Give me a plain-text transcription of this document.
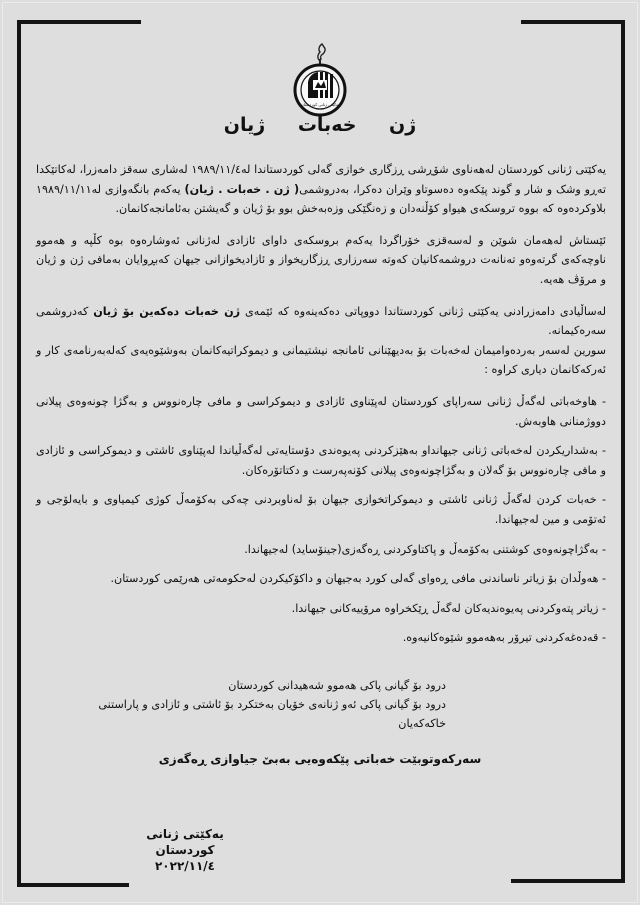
یەکێتی ژنانی کوردستان
ژن خەبات ژیان

یەکێتی ژنانی کوردستان لەهەناوی شۆڕشی ڕزگاری خوازی گەلی کوردستاندا لە١٩٨٩/١١/٤ لەشاری سەقز دامەزرا، لەکاتێکدا تەڕو وشک و شار و گوند پێکەوە دەسوتاو وێران دەکرا، بەدروشمی( ژن . خەبات . ژیان) یەکەم بانگەوازی لە١٩٨٩/١١/١١ بلاوکردەوە کە بووە تروسکەی هیواو کۆڵنەدان و زەنگێکی وزەبەخش بوو بۆ ژیان و گەیشتن بەئامانجەکانمان.

ئێستاش لەهەمان شوێن و لەسەقزی خۆراگردا یەکەم بروسکەی داوای ئازادی لەژنانی ئەوشارەوە بوە کڵپە و هەموو ناوچەکەی گرتەوەو تەنانەت دروشمەکانیان کەوتە سەرزاری ڕزگاریخواز و ئازادیخوازانی جیهان کەبڕوایان بەمافی ژن و ژیان و مرۆڤ هەیە.

لەساڵیادی دامەزرادنی یەکێتی ژنانی کوردستاندا دووپاتی دەکەینەوە کە ئێمەی ژن خەبات دەکەین بۆ ژیان کەدروشمی سەرەکیمانە.

سورین لەسەر بەردەوامیمان لەخەبات بۆ بەدیهێنانی ئامانجە نیشتیمانی و دیموکراتیەکانمان بەوشێوەیەی کەلەبەرنامەی کار و ئەرکەکانمان دیاری کراوە :

- هاوخەباتی لەگەڵ ژنانی سەراپای کوردستان لەپێناوی ئازادی و دیموکراسی و مافی چارەنووس و بەگژا چونەوەی پیلانی دووژمنانی هاوبەش.

- بەشداریکردن لەخەباتی ژنانی جیهانداو بەهێزکردنی پەیوەندی دۆستایەتی لەگەڵیاندا لەپێناوی ئاشتی و دیموکراسی و ئازادی و مافی چارەنووس بۆ گەلان و بەگژاچونەوەی پیلانی کۆنەپەرست و دکتاتۆرەکان.

- خەبات کردن لەگەڵ ژنانی ئاشتی و دیموکراتخوازی جیهان بۆ لەناوبردنی چەکی بەکۆمەڵ کوژی کیمیاوی و بایەلۆجی و ئەتۆمی و مین لەجیهاندا.

- بەگژاچونەوەی کوشتنی بەکۆمەڵ و پاکتاوکردنی ڕەگەزی(جینۆساید) لەجیهاندا.

- هەوڵدان بۆ زیاتر ناساندنی مافی ڕەوای گەلی کورد بەجیهان و داکۆکیکردن لەحکومەتی هەرێمی کوردستان.

- زیاتر پتەوکردنی پەیوەندیەکان لەگەڵ ڕێکخراوە مرۆییەکانی جیهاندا.

- قەدەغەکردنی تیرۆر بەهەموو شێوەکانیەوە.

درود بۆ گیانی پاکی هەموو شەهیدانی کوردستان
درود بۆ گیانی پاکی ئەو ژنانەی خۆیان بەختکرد بۆ ئاشتی و ئازادی و پاراستنی خاکەکەیان
سەرکەوتوبێت خەباتی پێکەوەیی بەبێ جیاوازی ڕەگەزی
یەکێتی ژنانی کوردستان
٢٠٢٢/١١/٤
